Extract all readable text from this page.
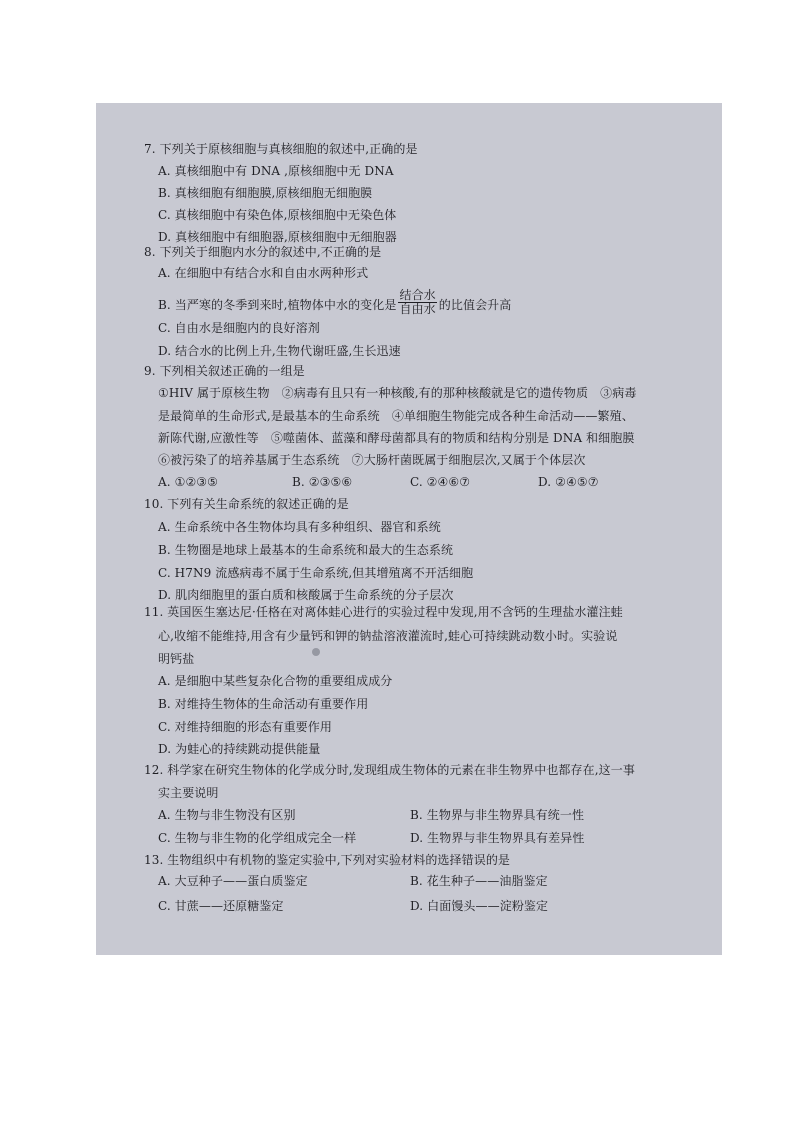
7. 下列关于原核细胞与真核细胞的叙述中,正确的是
A. 真核细胞中有 DNA ,原核细胞中无 DNA
B. 真核细胞有细胞膜,原核细胞无细胞膜
C. 真核细胞中有染色体,原核细胞中无染色体
D. 真核细胞中有细胞器,原核细胞中无细胞器
8. 下列关于细胞内水分的叙述中,不正确的是
A. 在细胞中有结合水和自由水两种形式
B. 当严寒的冬季到来时,植物体中水的变化是 $\frac{\text{结合水}}{\text{自由水}}$ 的比值会升高
C. 自由水是细胞内的良好溶剂
D. 结合水的比例上升,生物代谢旺盛,生长迅速
9. 下列相关叙述正确的一组是
①HIV 属于原核生物　②病毒有且只有一种核酸,有的那种核酸就是它的遗传物质　③病毒
是最简单的生命形式,是最基本的生命系统　④单细胞生物能完成各种生命活动——繁殖、
新陈代谢,应激性等　⑤噬菌体、蓝藻和酵母菌都具有的物质和结构分别是 DNA 和细胞膜
⑥被污染了的培养基属于生态系统　⑦大肠杆菌既属于细胞层次,又属于个体层次
A. ①②③⑤	B. ②③⑤⑥	C. ②④⑥⑦	D. ②④⑤⑦
10. 下列有关生命系统的叙述正确的是
A. 生命系统中各生物体均具有多种组织、器官和系统
B. 生物圈是地球上最基本的生命系统和最大的生态系统
C. H7N9 流感病毒不属于生命系统,但其增殖离不开活细胞
D. 肌肉细胞里的蛋白质和核酸属于生命系统的分子层次
11. 英国医生塞达尼·任格在对离体蛙心进行的实验过程中发现,用不含钙的生理盐水灌注蛙
心,收缩不能维持,用含有少量钙和钾的钠盐溶液灌流时,蛙心可持续跳动数小时。实验说
明钙盐
A. 是细胞中某些复杂化合物的重要组成成分
B. 对维持生物体的生命活动有重要作用
C. 对维持细胞的形态有重要作用
D. 为蛙心的持续跳动提供能量
12. 科学家在研究生物体的化学成分时,发现组成生物体的元素在非生物界中也都存在,这一事
实主要说明
A. 生物与非生物没有区别	B. 生物界与非生物界具有统一性
C. 生物与非生物的化学组成完全一样	D. 生物界与非生物界具有差异性
13. 生物组织中有机物的鉴定实验中,下列对实验材料的选择错误的是
A. 大豆种子——蛋白质鉴定	B. 花生种子——油脂鉴定
C. 甘蔗——还原糖鉴定	D. 白面馒头——淀粉鉴定
